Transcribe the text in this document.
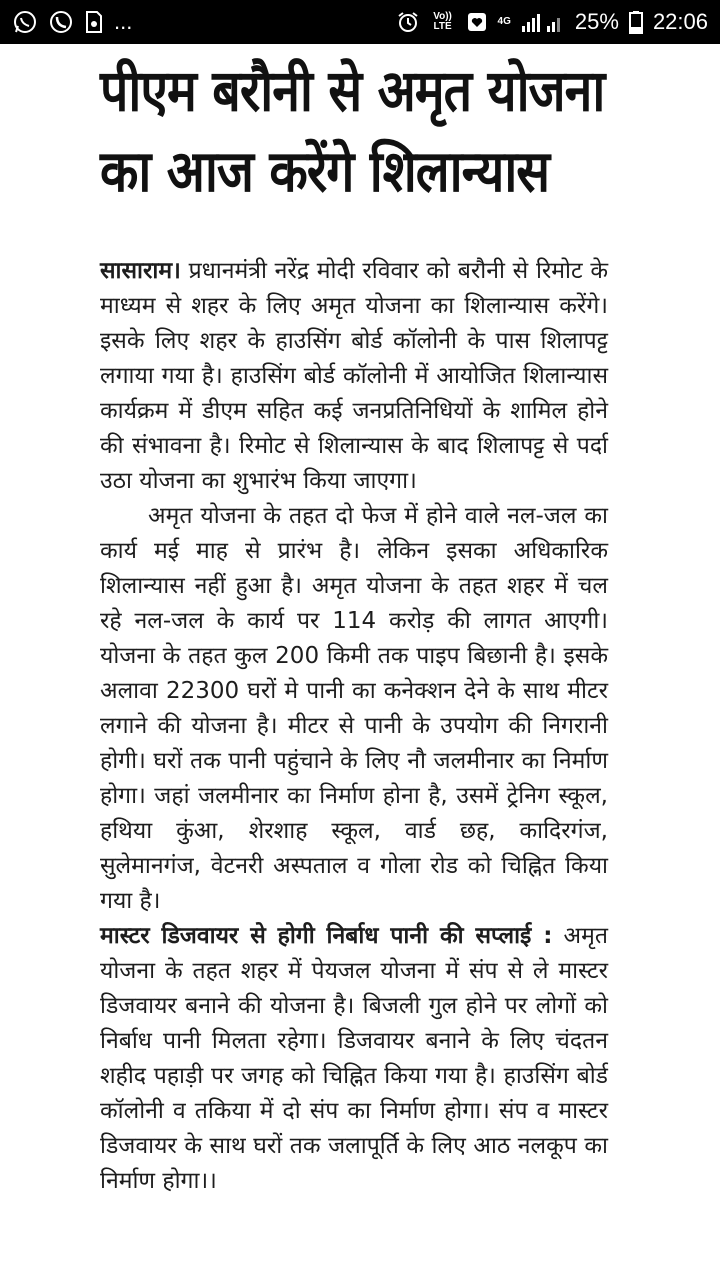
...	Vo)) LTE	4G	25% 22:06
पीएम बरौनी से अमृत योजना
का आज करेंगे शिलान्यास

सासाराम। प्रधानमंत्री नरेंद्र मोदी रविवार को बरौनी से रिमोट के माध्यम से शहर के लिए अमृत योजना का शिलान्यास करेंगे। इसके लिए शहर के हाउसिंग बोर्ड कॉलोनी के पास शिलापट्ट लगाया गया है। हाउसिंग बोर्ड कॉलोनी में आयोजित शिलान्यास कार्यक्रम में डीएम सहित कई जनप्रतिनिधियों के शामिल होने की संभावना है। रिमोट से शिलान्यास के बाद शिलापट्ट से पर्दा उठा योजना का शुभारंभ किया जाएगा।

अमृत योजना के तहत दो फेज में होने वाले नल-जल का कार्य मई माह से प्रारंभ है। लेकिन इसका अधिकारिक शिलान्यास नहीं हुआ है। अमृत योजना के तहत शहर में चल रहे नल-जल के कार्य पर 114 करोड़ की लागत आएगी। योजना के तहत कुल 200 किमी तक पाइप बिछानी है। इसके अलावा 22300 घरों मे पानी का कनेक्शन देने के साथ मीटर लगाने की योजना है। मीटर से पानी के उपयोग की निगरानी होगी। घरों तक पानी पहुंचाने के लिए नौ जलमीनार का निर्माण होगा। जहां जलमीनार का निर्माण होना है, उसमें ट्रेनिग स्कूल, हथिया कुंआ, शेरशाह स्कूल, वार्ड छह, कादिरगंज, सुलेमानगंज, वेटनरी अस्पताल व गोला रोड को चिह्नित किया गया है।

मास्टर डिजवायर से होगी निर्बाध पानी की सप्लाई : अमृत योजना के तहत शहर में पेयजल योजना में संप से ले मास्टर डिजवायर बनाने की योजना है। बिजली गुल होने पर लोगों को निर्बाध पानी मिलता रहेगा। डिजवायर बनाने के लिए चंदतन शहीद पहाड़ी पर जगह को चिह्नित किया गया है। हाउसिंग बोर्ड कॉलोनी व तकिया में दो संप का निर्माण होगा। संप व मास्टर डिजवायर के साथ घरों तक जलापूर्ति के लिए आठ नलकूप का निर्माण होगा।।
